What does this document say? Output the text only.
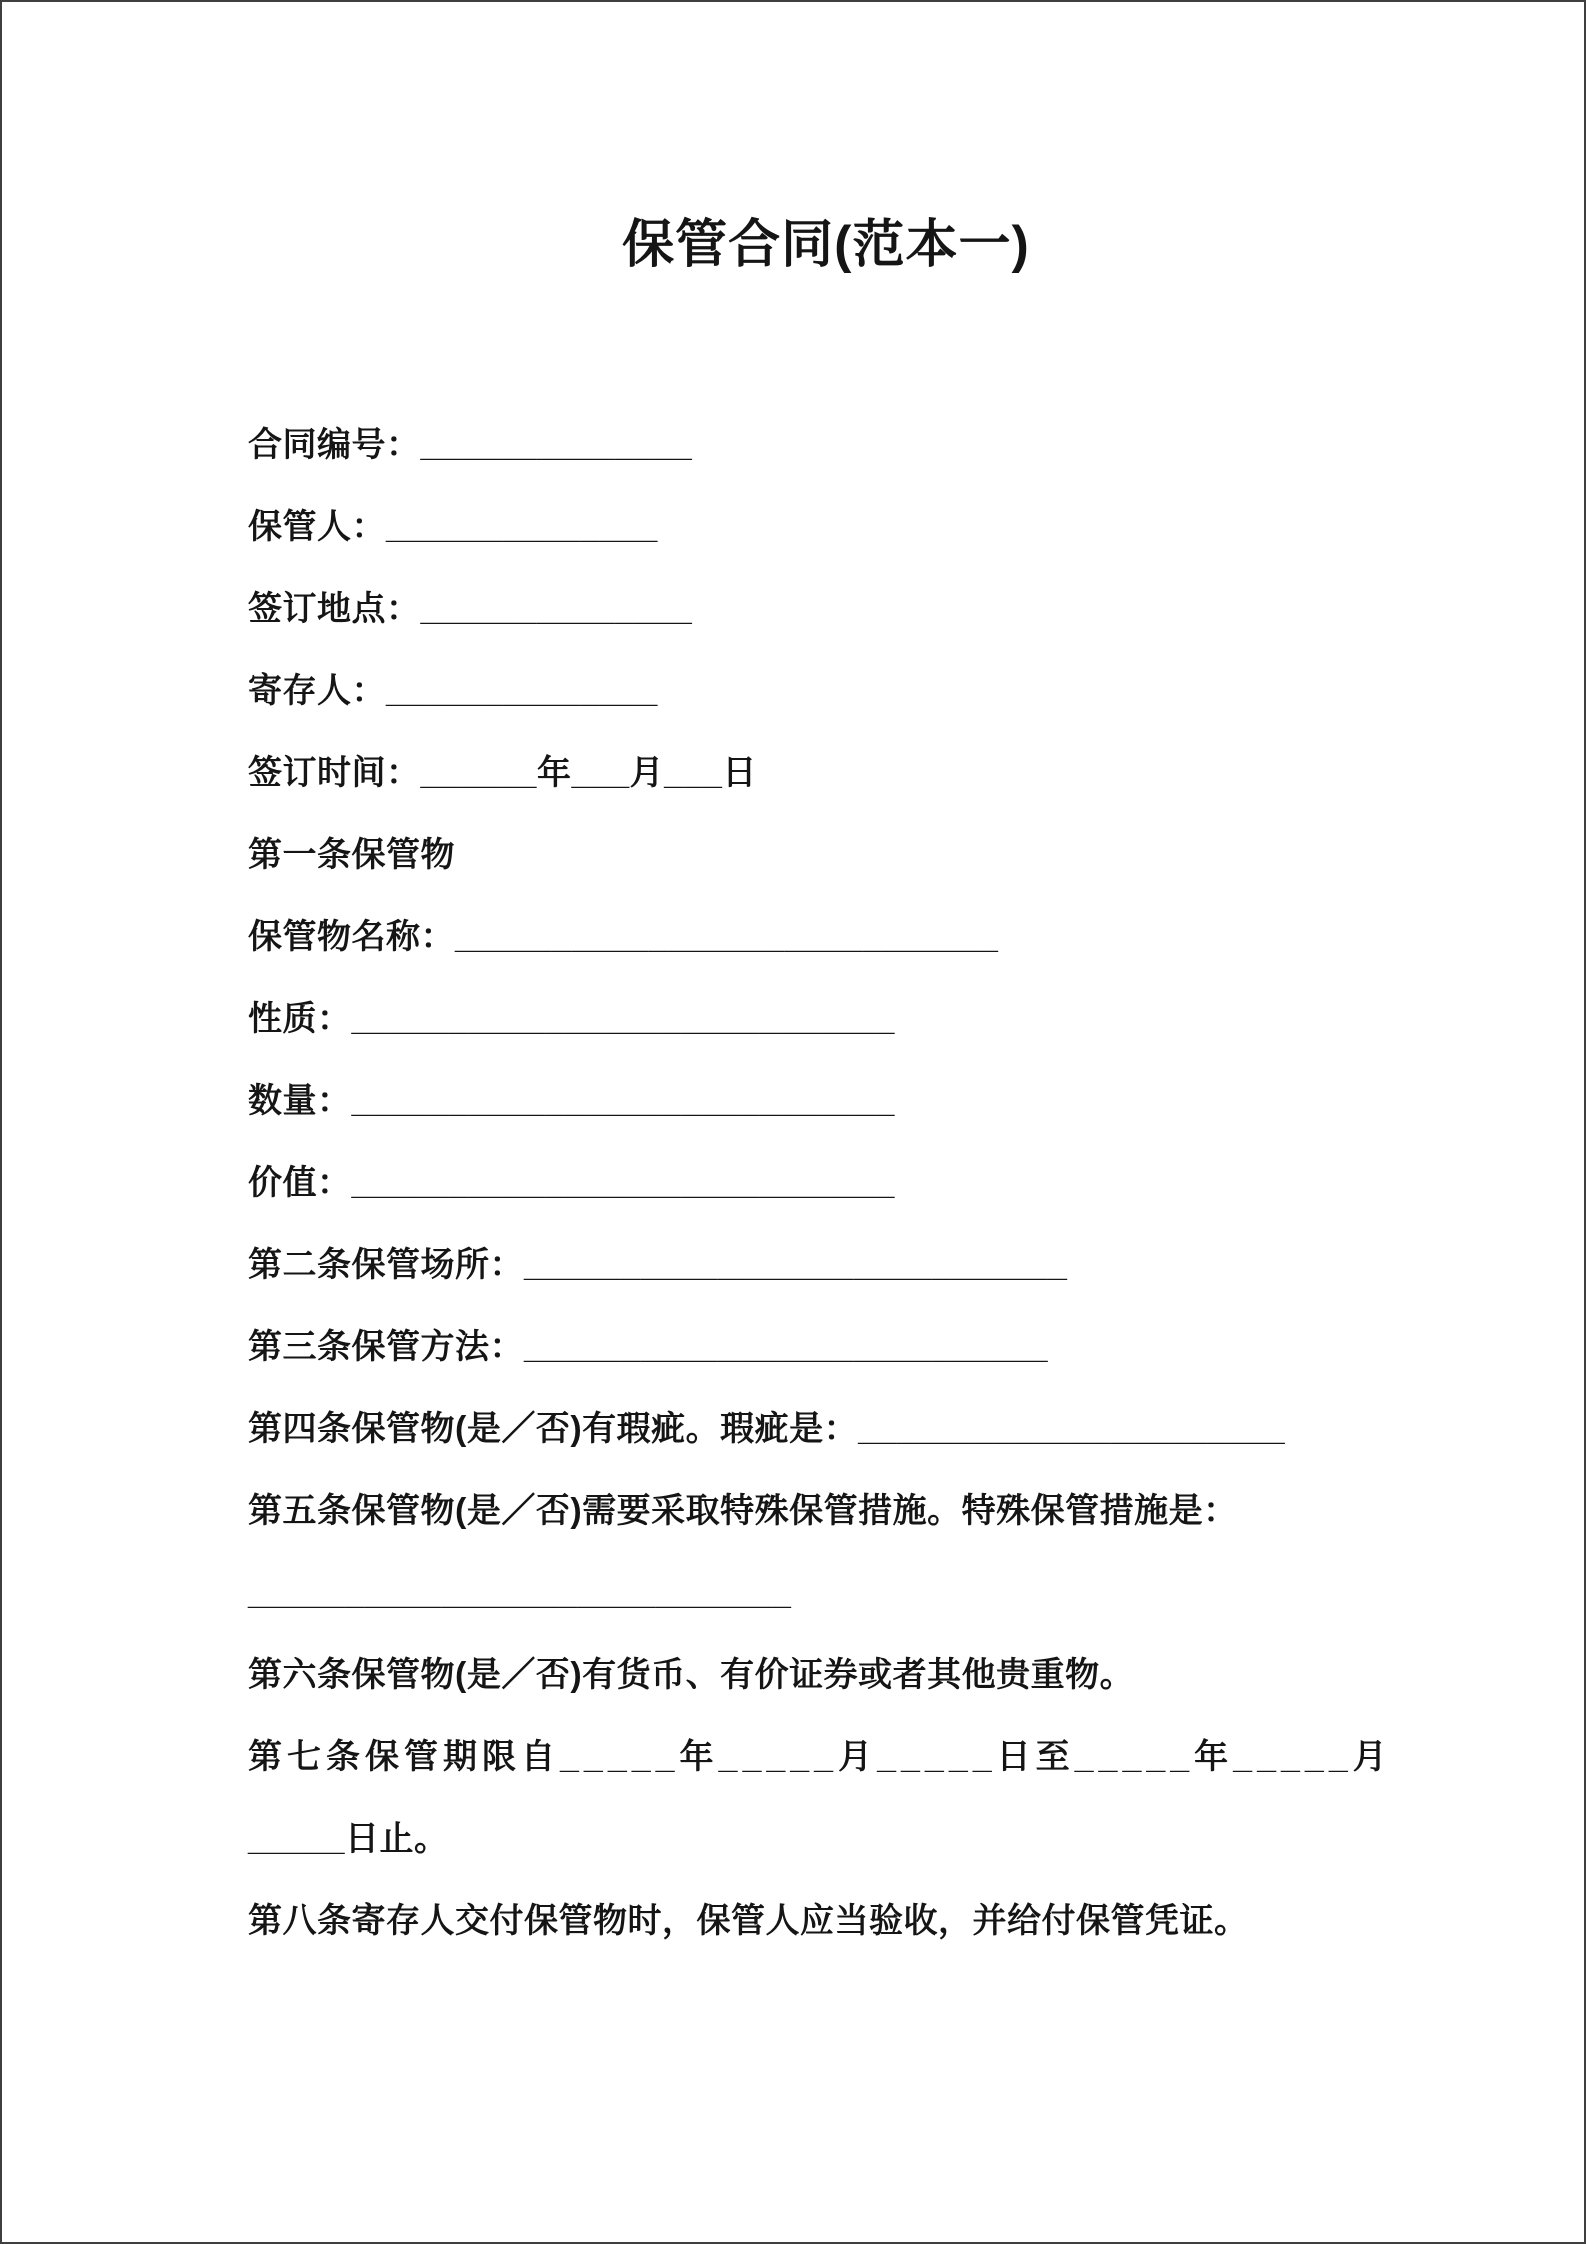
保管合同(范本一)

合同编号：______________

保管人：______________

签订地点：______________

寄存人：______________

签订时间：______年___月___日

第一条保管物

保管物名称：____________________________

性质：____________________________

数量：____________________________

价值：____________________________

第二条保管场所：____________________________

第三条保管方法：___________________________

第四条保管物(是／否)有瑕疵。瑕疵是：______________________

第五条保管物(是／否)需要采取特殊保管措施。特殊保管措施是：

____________________________

第六条保管物(是／否)有货币、有价证券或者其他贵重物。

第七条保管期限自_____年_____月_____日至_____年_____月

_____日止。

第八条寄存人交付保管物时，保管人应当验收，并给付保管凭证。
